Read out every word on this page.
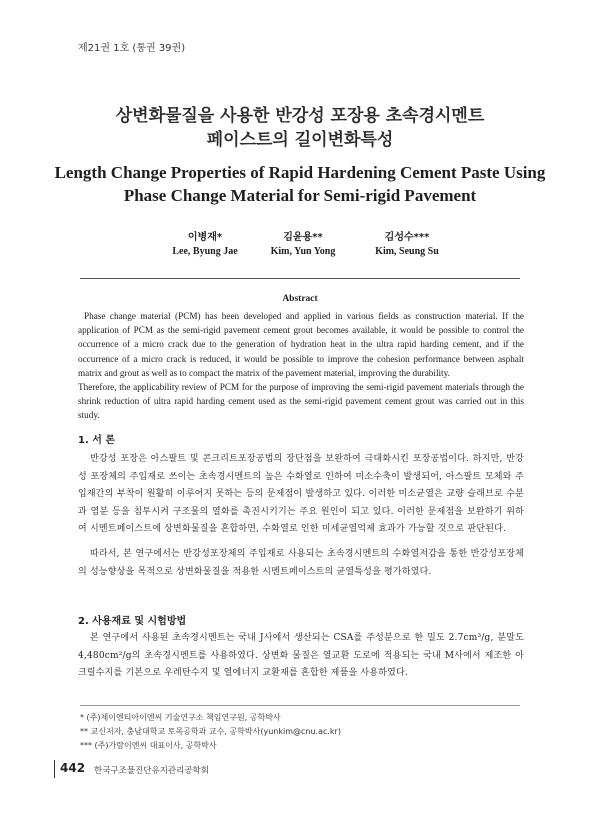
제21권 1호 (통권 39권)
상변화물질을 사용한 반강성 포장용 초속경시멘트
페이스트의 길이변화특성
Length Change Properties of Rapid Hardening Cement Paste Using
Phase Change Material for Semi-rigid Pavement
이병재*
Lee, Byung Jae
김윤용**
Kim, Yun Yong
김성수***
Kim, Seung Su
Abstract

Phase change material (PCM) has been developed and applied in various fields as construction material. If the application of PCM as the semi-rigid pavement cement grout becomes available, it would be possible to control the occurrence of a micro crack due to the generation of hydration heat in the ultra rapid harding cement, and if the occurrence of a micro crack is reduced, it would be possible to improve the cohesion performance between asphalt matrix and grout as well as to compact the matrix of the pavement material, improving the durability.

Therefore, the applicability review of PCM for the purpose of improving the semi-rigid pavement materials through the shrink reduction of ultra rapid harding cement used as the semi-rigid pavement cement grout was carried out in this study.

1. 서 론

반강성 포장은 아스팔트 및 콘크리트포장공법의 장단점을 보완하여 극대화시킨 포장공법이다. 하지만, 반강성 포장체의 주입재로 쓰이는 초속경시멘트의 높은 수화열로 인하여 미소수축이 발생되어, 아스팔트 모체와 주입재간의 부착이 원활히 이루어지 못하는 등의 문제점이 발생하고 있다. 이러한 미소균열은 교량 슬래브로 수분과 염분 등을 침투시켜 구조물의 열화를 촉진시키기는 주요 원인이 되고 있다. 이러한 문제점을 보완하기 위하여 시멘트페이스트에 상변화물질을 혼합하면, 수화열로 인한 미세균열억제 효과가 가능할 것으로 판단된다.

따라서, 본 연구에서는 반강성포장체의 주입재로 사용되는 초속경시멘트의 수화열저감을 통한 반강성포장체의 성능향상을 목적으로 상변화물질을 적용한 시멘트페이스트의 균열특성을 평가하였다.

2. 사용재료 및 시험방법

본 연구에서 사용된 초속경시멘트는 국내 J사에서 생산되는 CSA를 주성분으로 한 밀도 2.7cm³/g, 분말도 4,480cm²/g의 초속경시멘트를 사용하였다. 상변화 물질은 열교환 도로에 적용되는 국내 M사에서 제조한 아크릴수지를 기본으로 우레탄수지 및 열에너지 교환재를 혼합한 제품을 사용하였다.

* (주)제이엔티아이엔씨 기술연구소 책임연구원, 공학박사
** 교신저자, 충남대학교 토목공학과 교수, 공학박사(yunkim@cnu.ac.kr)
*** (주)가람이엔씨 대표이사, 공학박사
442 한국구조물진단유지관리공학회
